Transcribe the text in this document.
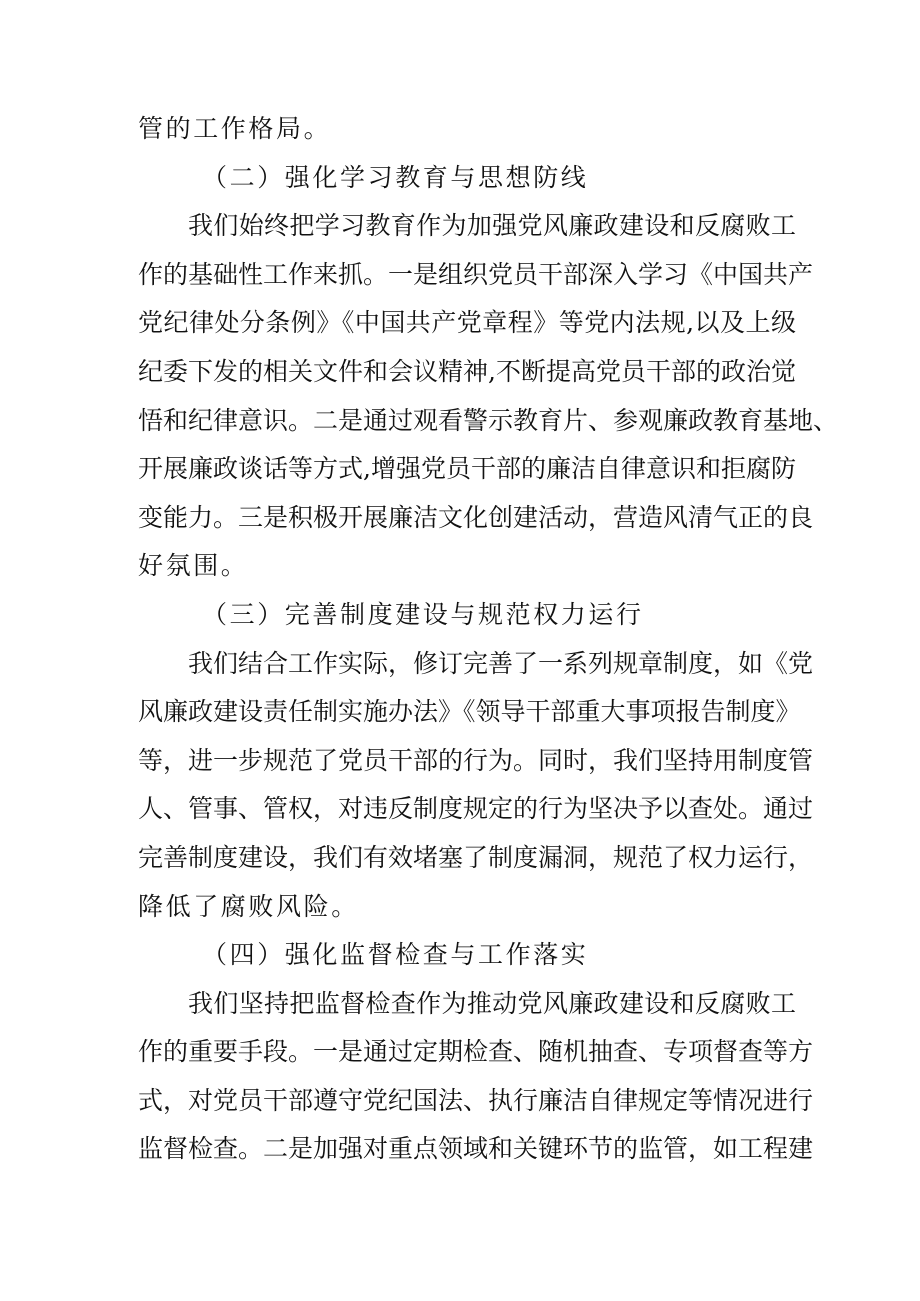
管的工作格局。
（二）强化学习教育与思想防线
我们始终把学习教育作为加强党风廉政建设和反腐败工
作的基础性工作来抓。一是组织党员干部深入学习《中国共产
党纪律处分条例》《中国共产党章程》等党内法规,以及上级
纪委下发的相关文件和会议精神,不断提高党员干部的政治觉
悟和纪律意识。二是通过观看警示教育片、参观廉政教育基地、
开展廉政谈话等方式,增强党员干部的廉洁自律意识和拒腐防
变能力。三是积极开展廉洁文化创建活动，营造风清气正的良
好氛围。
（三）完善制度建设与规范权力运行
我们结合工作实际，修订完善了一系列规章制度，如《党
风廉政建设责任制实施办法》《领导干部重大事项报告制度》
等，进一步规范了党员干部的行为。同时，我们坚持用制度管
人、管事、管权，对违反制度规定的行为坚决予以查处。通过
完善制度建设，我们有效堵塞了制度漏洞，规范了权力运行，
降低了腐败风险。
（四）强化监督检查与工作落实
我们坚持把监督检查作为推动党风廉政建设和反腐败工
作的重要手段。一是通过定期检查、随机抽查、专项督查等方
式，对党员干部遵守党纪国法、执行廉洁自律规定等情况进行
监督检查。二是加强对重点领域和关键环节的监管，如工程建
